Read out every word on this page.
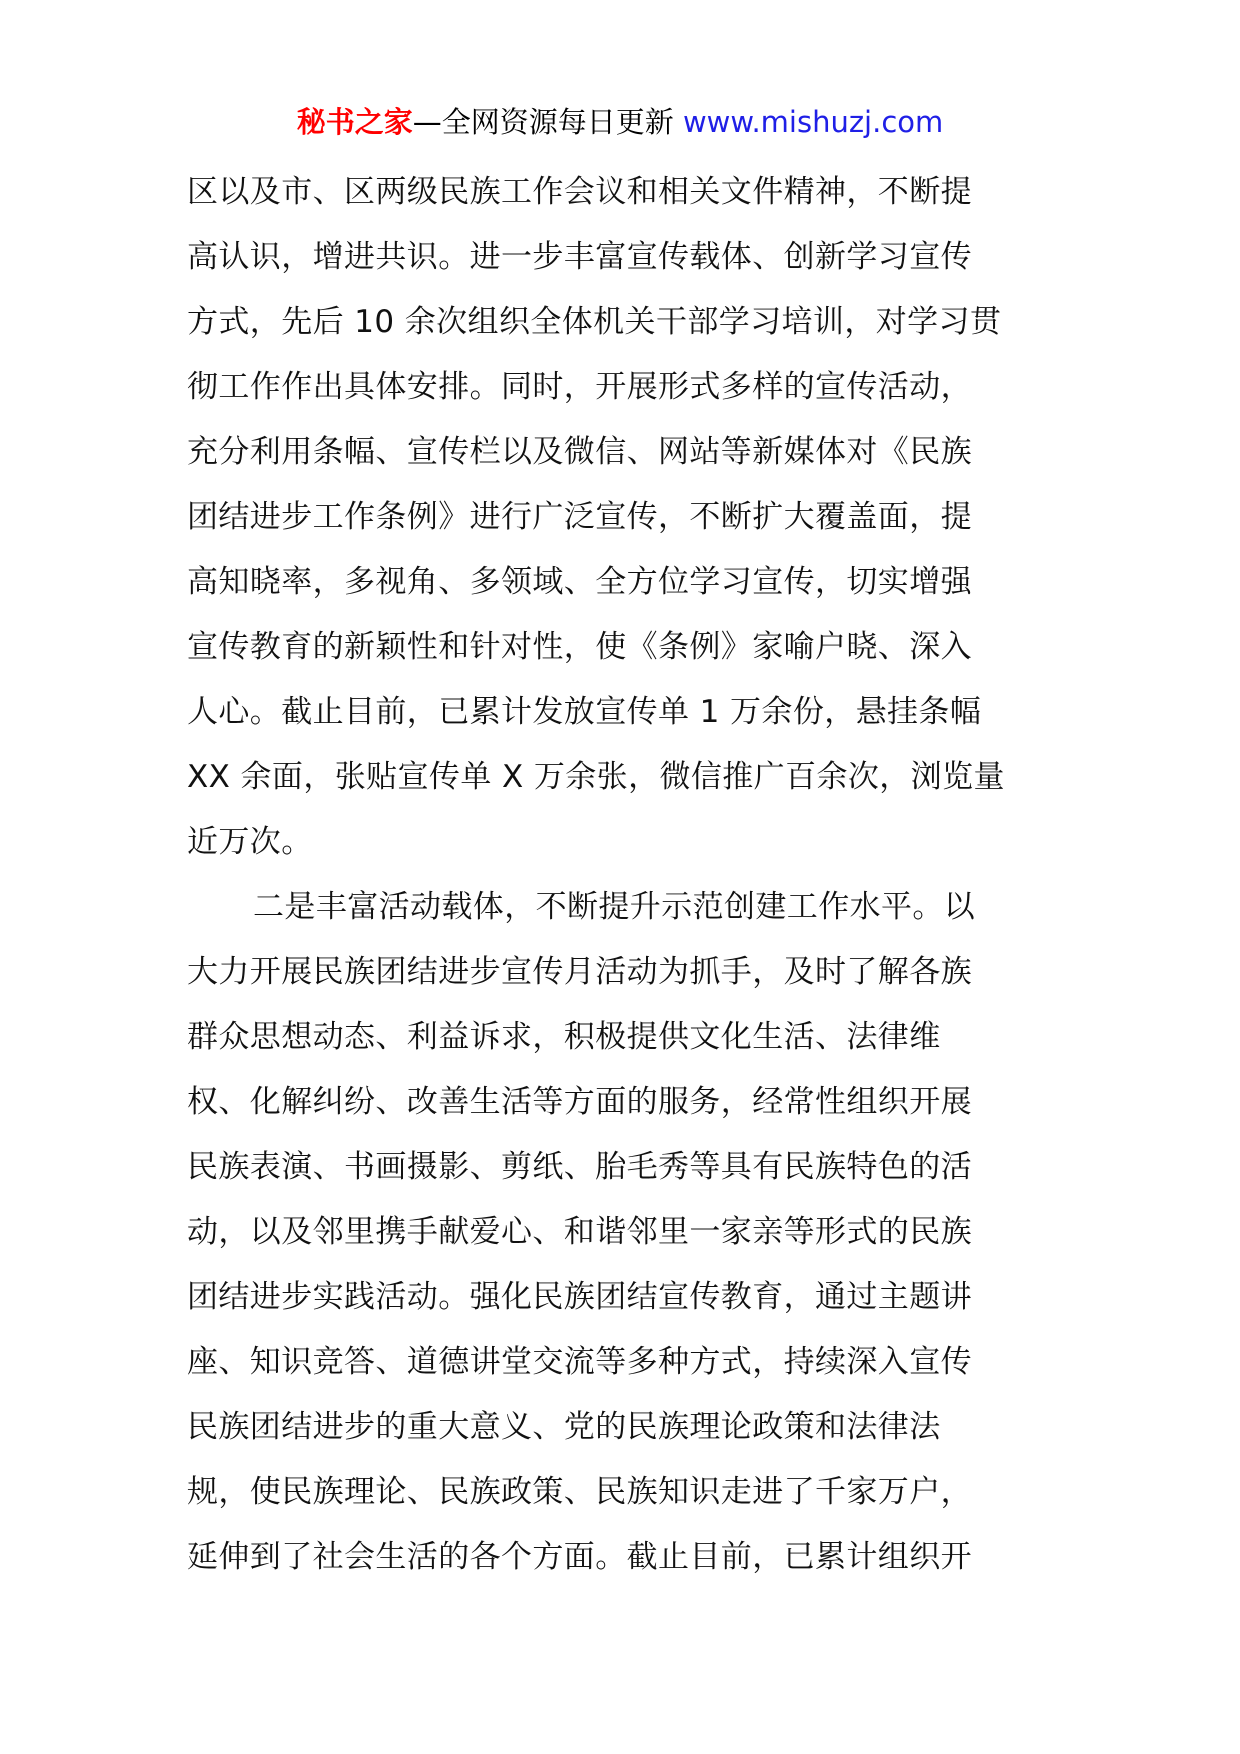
秘书之家—全网资源每日更新 www.mishuzj.com
区以及市、区两级民族工作会议和相关文件精神，不断提
高认识，增进共识。进一步丰富宣传载体、创新学习宣传
方式，先后 10 余次组织全体机关干部学习培训，对学习贯
彻工作作出具体安排。同时，开展形式多样的宣传活动，
充分利用条幅、宣传栏以及微信、网站等新媒体对《民族
团结进步工作条例》进行广泛宣传，不断扩大覆盖面，提
高知晓率，多视角、多领域、全方位学习宣传，切实增强
宣传教育的新颖性和针对性，使《条例》家喻户晓、深入
人心。截止目前，已累计发放宣传单 1 万余份，悬挂条幅
XX 余面，张贴宣传单 X 万余张，微信推广百余次，浏览量
近万次。
二是丰富活动载体，不断提升示范创建工作水平。以
大力开展民族团结进步宣传月活动为抓手，及时了解各族
群众思想动态、利益诉求，积极提供文化生活、法律维
权、化解纠纷、改善生活等方面的服务，经常性组织开展
民族表演、书画摄影、剪纸、胎毛秀等具有民族特色的活
动，以及邻里携手献爱心、和谐邻里一家亲等形式的民族
团结进步实践活动。强化民族团结宣传教育，通过主题讲
座、知识竞答、道德讲堂交流等多种方式，持续深入宣传
民族团结进步的重大意义、党的民族理论政策和法律法
规，使民族理论、民族政策、民族知识走进了千家万户，
延伸到了社会生活的各个方面。截止目前，已累计组织开
